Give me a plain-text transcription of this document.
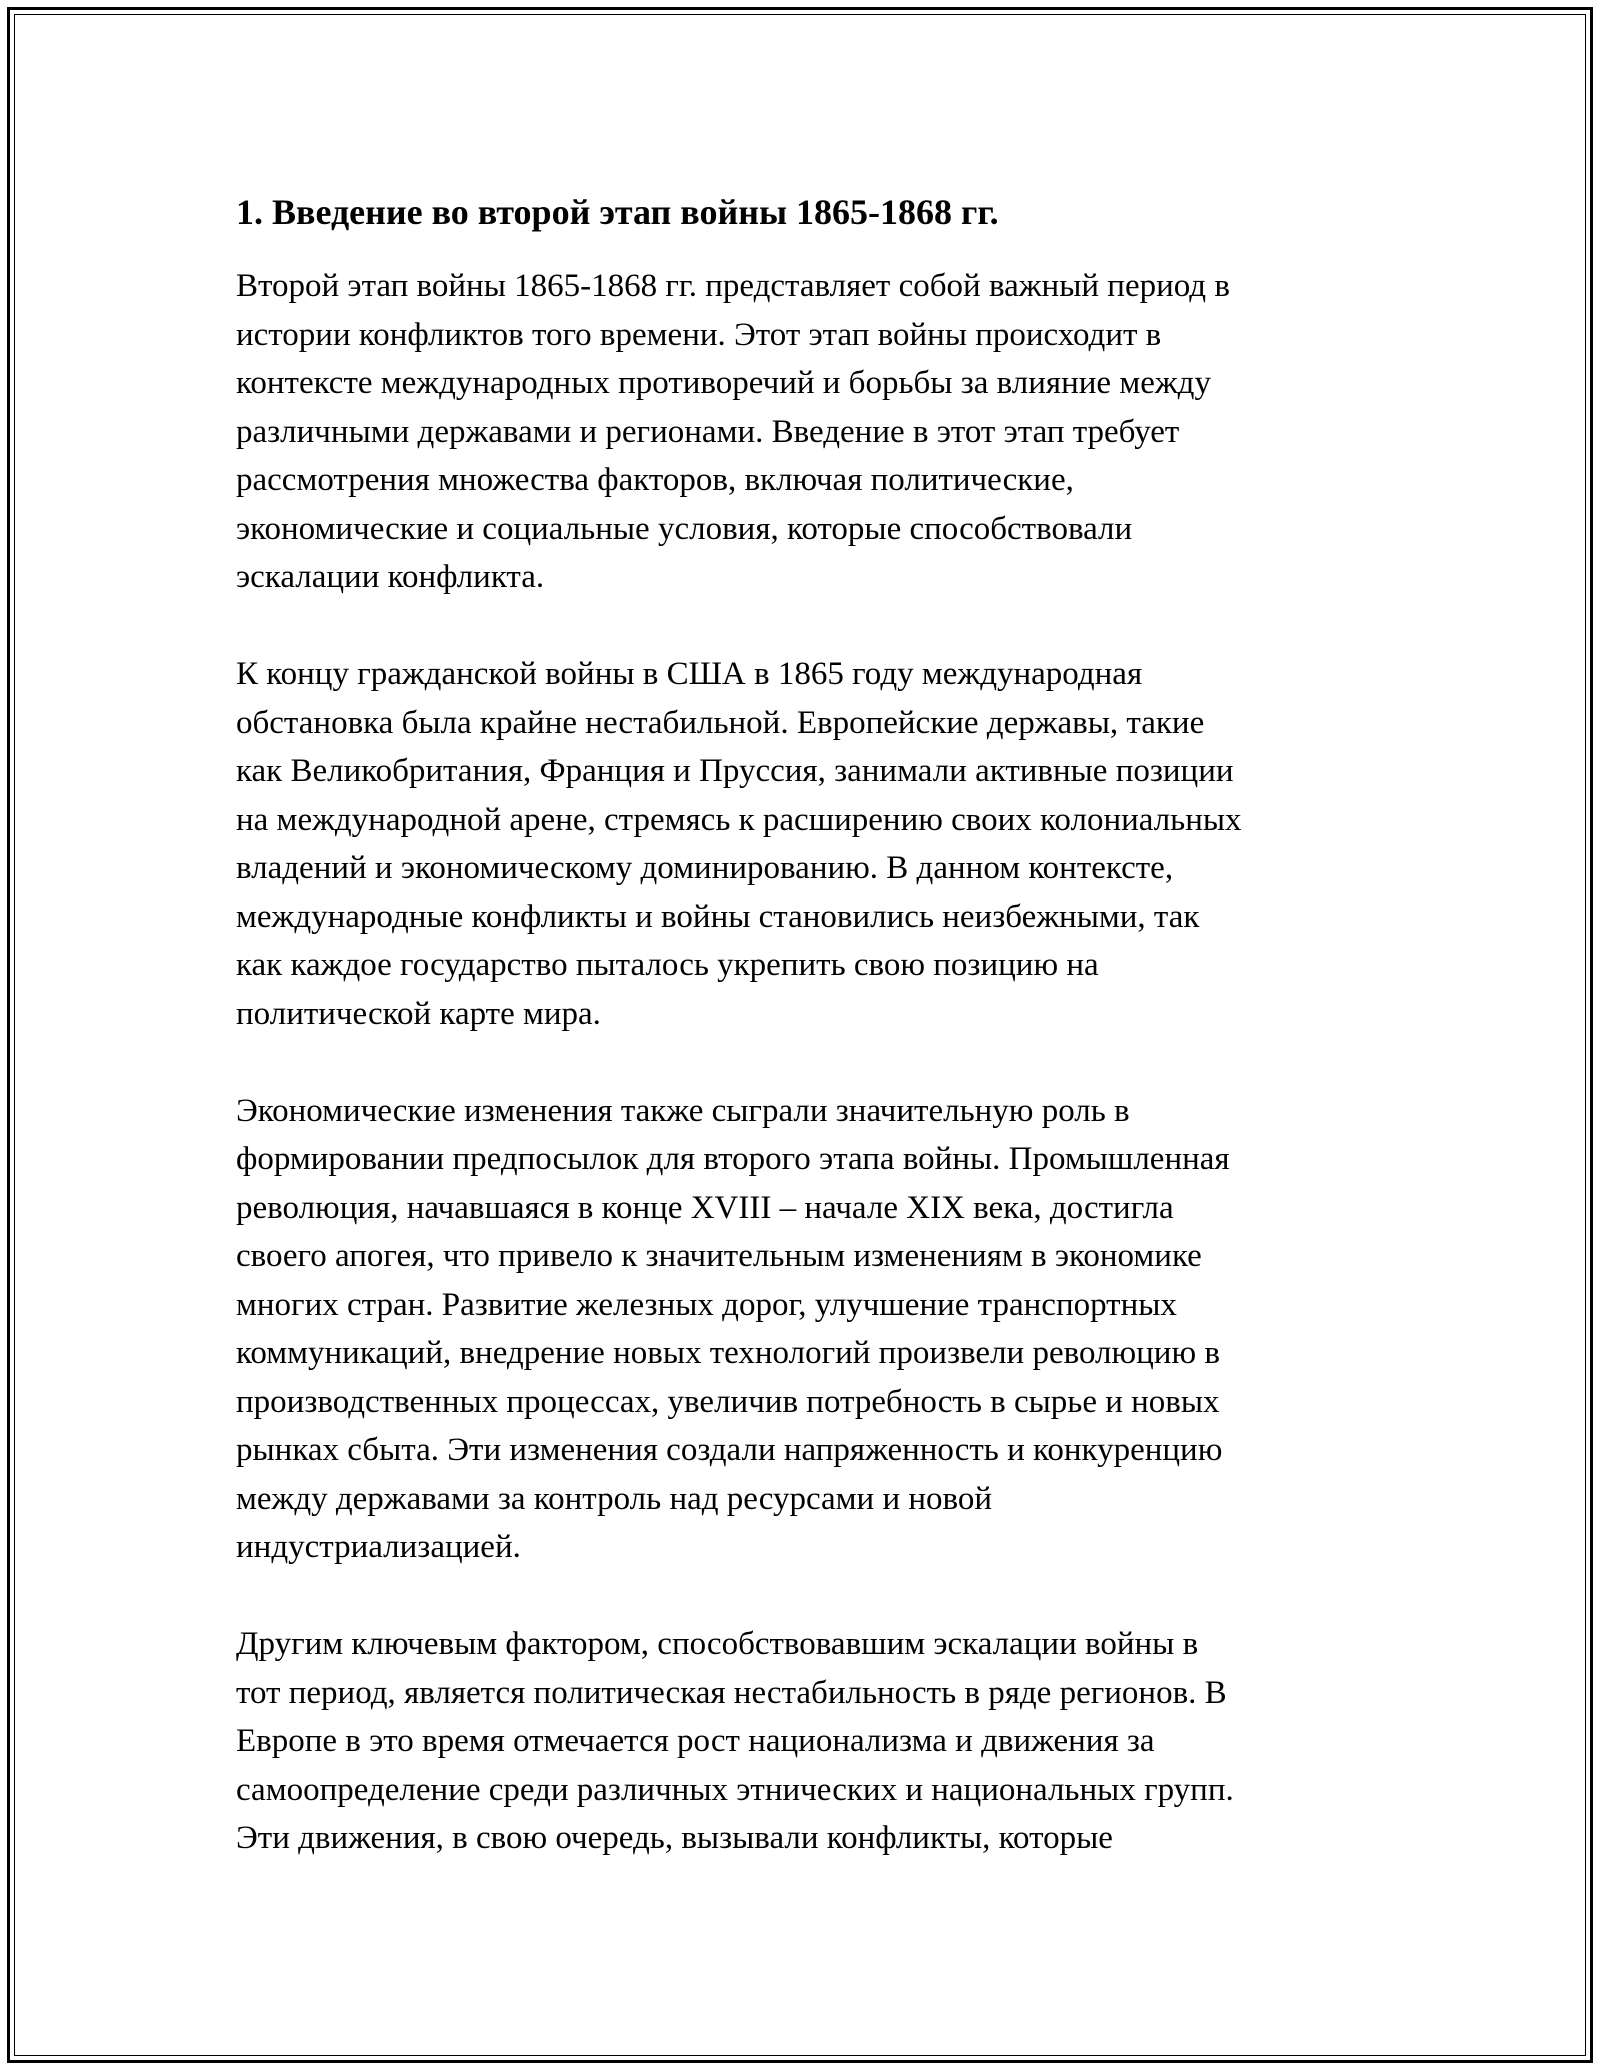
1. Введение во второй этап войны 1865-1868 гг.
Второй этап войны 1865-1868 гг. представляет собой важный период в
истории конфликтов того времени. Этот этап войны происходит в
контексте международных противоречий и борьбы за влияние между
различными державами и регионами. Введение в этот этап требует
рассмотрения множества факторов, включая политические,
экономические и социальные условия, которые способствовали
эскалации конфликта.
К концу гражданской войны в США в 1865 году международная
обстановка была крайне нестабильной. Европейские державы, такие
как Великобритания, Франция и Пруссия, занимали активные позиции
на международной арене, стремясь к расширению своих колониальных
владений и экономическому доминированию. В данном контексте,
международные конфликты и войны становились неизбежными, так
как каждое государство пыталось укрепить свою позицию на
политической карте мира.
Экономические изменения также сыграли значительную роль в
формировании предпосылок для второго этапа войны. Промышленная
революция, начавшаяся в конце XVIII – начале XIX века, достигла
своего апогея, что привело к значительным изменениям в экономике
многих стран. Развитие железных дорог, улучшение транспортных
коммуникаций, внедрение новых технологий произвели революцию в
производственных процессах, увеличив потребность в сырье и новых
рынках сбыта. Эти изменения создали напряженность и конкуренцию
между державами за контроль над ресурсами и новой
индустриализацией.
Другим ключевым фактором, способствовавшим эскалации войны в
тот период, является политическая нестабильность в ряде регионов. В
Европе в это время отмечается рост национализма и движения за
самоопределение среди различных этнических и национальных групп.
Эти движения, в свою очередь, вызывали конфликты, которые
